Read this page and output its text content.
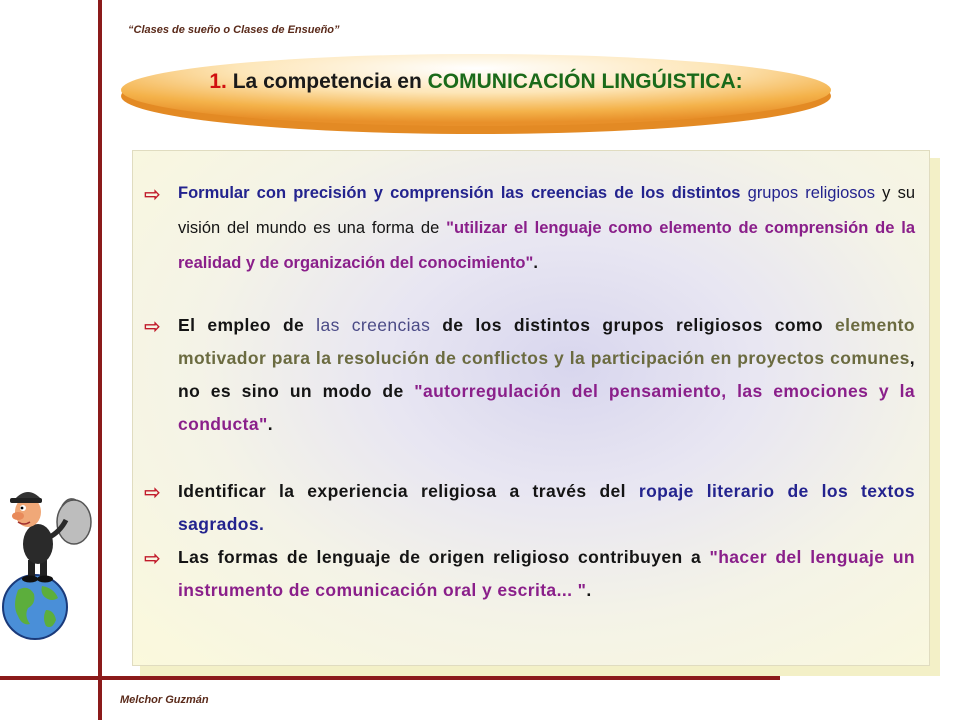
“Clases de sueño o Clases de Ensueño”
1. La competencia en COMUNICACIÓN LINGÚISTICA:
⇨ Formular con precisión y comprensión las creencias de los distintos grupos religiosos y su visión del mundo es una forma de "utilizar el lenguaje como elemento de comprensión de la realidad y de organización del conocimiento".
⇨ El empleo de las creencias de los distintos grupos religiosos como elemento motivador para la resolución de conflictos y la participación en proyectos comunes, no es sino un modo de "autorregulación del pensamiento, las emociones y la conducta".
⇨ Identificar la experiencia religiosa a través del ropaje literario de los textos sagrados.
⇨ Las formas de lenguaje de origen religioso contribuyen a "hacer del lenguaje un instrumento de comunicación oral y escrita... ".
Melchor Guzmán
